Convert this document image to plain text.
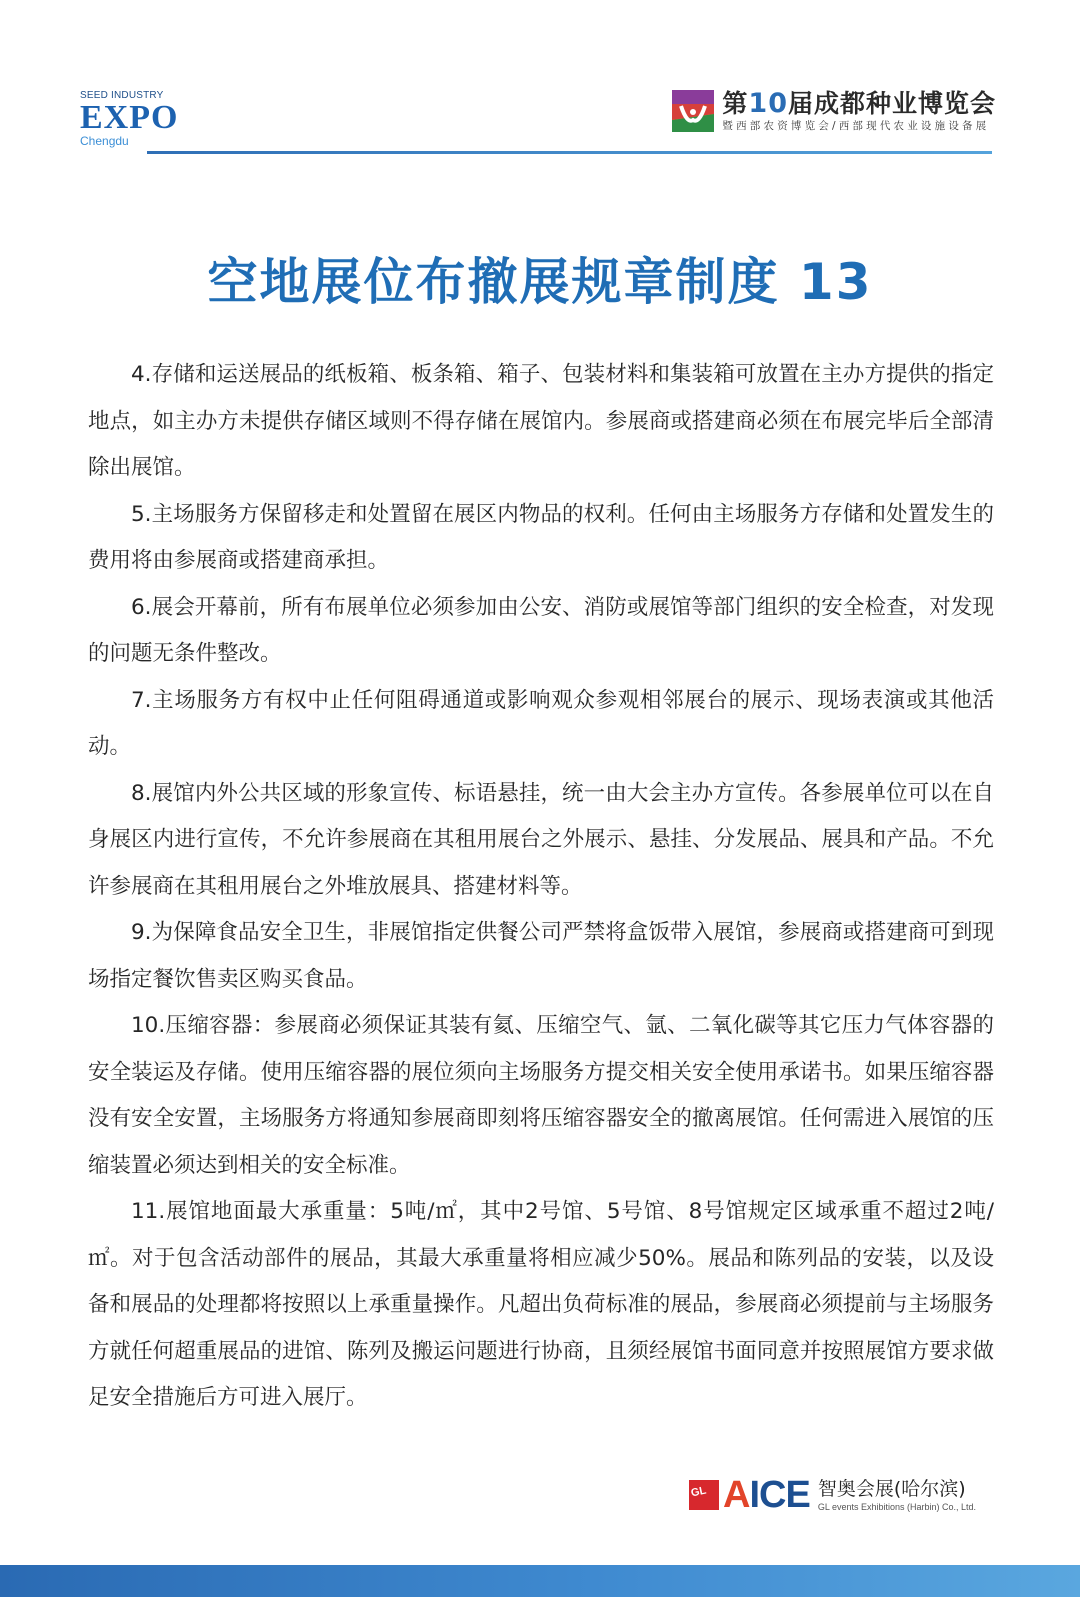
SEED INDUSTRY
EXPO
Chengdu
第10届成都种业博览会
暨西部农资博览会/西部现代农业设施设备展
空地展位布撤展规章制度 13

4.存储和运送展品的纸板箱、板条箱、箱子、包装材料和集装箱可放置在主办方提供的指定地点，如主办方未提供存储区域则不得存储在展馆内。参展商或搭建商必须在布展完毕后全部清除出展馆。

5.主场服务方保留移走和处置留在展区内物品的权利。任何由主场服务方存储和处置发生的费用将由参展商或搭建商承担。

6.展会开幕前，所有布展单位必须参加由公安、消防或展馆等部门组织的安全检查，对发现的问题无条件整改。

7.主场服务方有权中止任何阻碍通道或影响观众参观相邻展台的展示、现场表演或其他活动。

8.展馆内外公共区域的形象宣传、标语悬挂，统一由大会主办方宣传。各参展单位可以在自身展区内进行宣传，不允许参展商在其租用展台之外展示、悬挂、分发展品、展具和产品。不允许参展商在其租用展台之外堆放展具、搭建材料等。

9.为保障食品安全卫生，非展馆指定供餐公司严禁将盒饭带入展馆，参展商或搭建商可到现场指定餐饮售卖区购买食品。

10.压缩容器：参展商必须保证其装有氦、压缩空气、氩、二氧化碳等其它压力气体容器的安全装运及存储。使用压缩容器的展位须向主场服务方提交相关安全使用承诺书。如果压缩容器没有安全安置，主场服务方将通知参展商即刻将压缩容器安全的撤离展馆。任何需进入展馆的压缩装置必须达到相关的安全标准。

11.展馆地面最大承重量：5吨/㎡，其中2号馆、5号馆、8号馆规定区域承重不超过2吨/㎡。对于包含活动部件的展品，其最大承重量将相应减少50%。展品和陈列品的安装，以及设备和展品的处理都将按照以上承重量操作。凡超出负荷标准的展品，参展商必须提前与主场服务方就任何超重展品的进馆、陈列及搬运问题进行协商，且须经展馆书面同意并按照展馆方要求做足安全措施后方可进入展厅。

GL AICE 智奥会展(哈尔滨)
GL events Exhibitions (Harbin) Co., Ltd.
